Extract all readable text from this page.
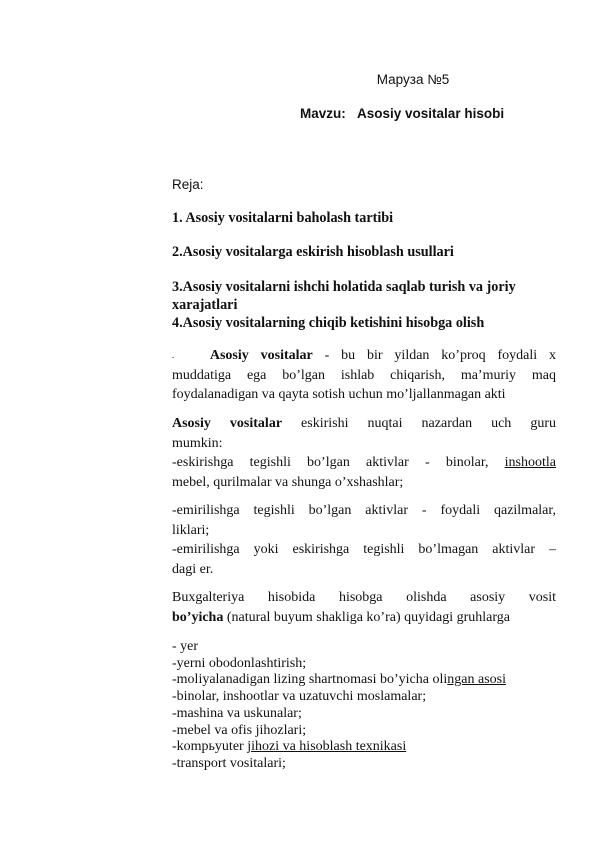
Маруза №5
Mavzu: Asosiy vositalar hisobi
Reja:
1. Asosiy vositalarni baholash tartibi
2.Asosiy vositalarga eskirish hisoblash usullari
3.Asosiy vositalarni ishchi holatida saqlab turish va joriy
xarajatlari
4.Asosiy vositalarning chiqib ketishini hisobga olish
.	Asosiy vositalar - bu bir yildan ko’proq foydali x
muddatiga ega bo’lgan ishlab chiqarish, ma’muriy maq
foydalanadigan va qayta sotish uchun mo’ljallanmagan akti
Asosiy vositalar eskirishi nuqtai nazardan uch guru
mumkin:
-eskirishga tegishli bo’lgan aktivlar - binolar, inshootla
mebel, qurilmalar va shunga o’xshashlar;
-emirilishga tegishli bo’lgan aktivlar - foydali qazilmalar,
liklari;
-emirilishga yoki eskirishga tegishli bo’lmagan aktivlar –
dagi er.
Buxgalteriya hisobida hisobga olishda asosiy vosit
bo’yicha (natural buyum shakliga ko’ra) quyidagi gruhlarga
- yer
-yerni obodonlashtirish;
-moliyalanadigan lizing shartnomasi bo’yicha olingan asosi
-binolar, inshootlar va uzatuvchi moslamalar;
-mashina va uskunalar;
-mebel va ofis jihozlari;
-kompьyuter jihozi va hisoblash texnikasi
-transport vositalari;
